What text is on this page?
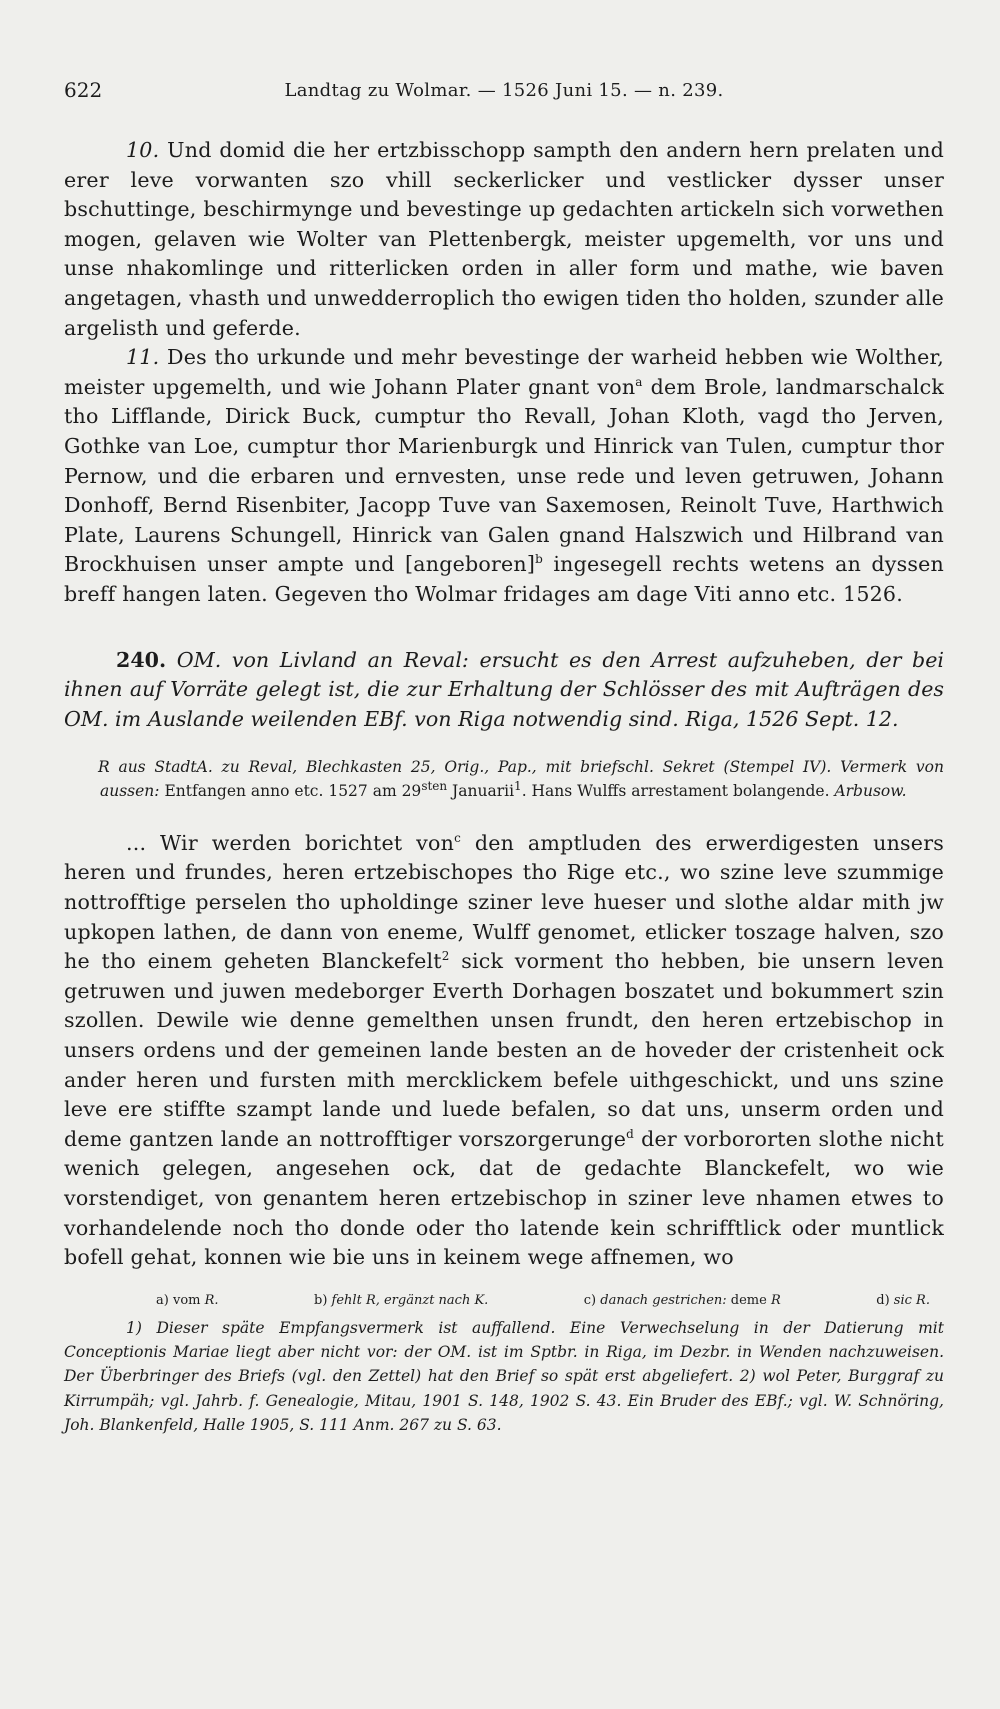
622	Landtag zu Wolmar. — 1526 Juni 15. — n. 239.

10. Und domid die her ertzbisschopp sampth den andern hern prelaten und erer leve vorwanten szo vhill seckerlicker und vestlicker dysser unser bschuttinge, beschirmynge und bevestinge up gedachten artickeln sich vorwethen mogen, gelaven wie Wolter van Plettenbergk, meister upgemelth, vor uns und unse nhakomlinge und ritterlicken orden in aller form und mathe, wie baven angetagen, vhasth und unwedderroplich tho ewigen tiden tho holden, szunder alle argelisth und geferde.

11. Des tho urkunde und mehr bevestinge der warheid hebben wie Wolther, meister upgemelth, und wie Johann Plater gnant von$^a$ dem Brole, landmarschalck tho Lifflande, Dirick Buck, cumptur tho Revall, Johan Kloth, vagd tho Jerven, Gothke van Loe, cumptur thor Marienburgk und Hinrick van Tulen, cumptur thor Pernow, und die erbaren und ernvesten, unse rede und leven getruwen, Johann Donhoff, Bernd Risenbiter, Jacopp Tuve van Saxemosen, Reinolt Tuve, Harthwich Plate, Laurens Schungell, Hinrick van Galen gnand Halszwich und Hilbrand van Brockhuisen unser ampte und [angeboren]$^b$ ingesegell rechts wetens an dyssen breff hangen laten. Gegeven tho Wolmar fridages am dage Viti anno etc. 1526.

240. OM. von Livland an Reval: ersucht es den Arrest aufzuheben, der bei ihnen auf Vorräte gelegt ist, die zur Erhaltung der Schlösser des mit Aufträgen des OM. im Auslande weilenden EBf. von Riga notwendig sind. Riga, 1526 Sept. 12.

R aus StadtA. zu Reval, Blechkasten 25, Orig., Pap., mit briefschl. Sekret (Stempel IV). Vermerk von aussen: Entfangen anno etc. 1527 am $29^{sten}$ Januarii$^1$. Hans Wulffs arrestament bolangende. Arbusow.

... Wir werden borichtet von$^c$ den amptluden des erwerdigesten unsers heren und frundes, heren ertzebischopes tho Rige etc., wo szine leve szummige nottrofftige perselen tho upholdinge sziner leve hueser und slothe aldar mith jw upkopen lathen, de dann von eneme, Wulff genomet, etlicker toszage halven, szo he tho einem geheten Blanckefelt$^2$ sick vorment tho hebben, bie unsern leven getruwen und juwen medeborger Everth Dorhagen boszatet und bokummert szin szollen. Dewile wie denne gemelthen unsen frundt, den heren ertzebischop in unsers ordens und der gemeinen lande besten an de hoveder der cristenheit ock ander heren und fursten mith mercklickem befele uithgeschickt, und uns szine leve ere stiffte szampt lande und luede befalen, so dat uns, unserm orden und deme gantzen lande an nottrofftiger vorszorgerunge$^d$ der vorbororten slothe nicht wenich gelegen, angesehen ock, dat de gedachte Blanckefelt, wo wie vorstendiget, von genantem heren ertzebischop in sziner leve nhamen etwes to vorhandelende noch tho donde oder tho latende kein schrifftlick oder muntlick bofell gehat, konnen wie bie uns in keinem wege affnemen, wo

a) vom R.	b) fehlt R, ergänzt nach K.	c) danach gestrichen: deme R	d) sic R.

1) Dieser späte Empfangsvermerk ist auffallend. Eine Verwechselung in der Datierung mit Conceptionis Mariae liegt aber nicht vor: der OM. ist im Sptbr. in Riga, im Dezbr. in Wenden nachzuweisen. Der Überbringer des Briefs (vgl. den Zettel) hat den Brief so spät erst abgeliefert. 2) wol Peter, Burggraf zu Kirrumpäh; vgl. Jahrb. f. Genealogie, Mitau, 1901 S. 148, 1902 S. 43. Ein Bruder des EBf.; vgl. W. Schnöring, Joh. Blankenfeld, Halle 1905, S. 111 Anm. 267 zu S. 63.
